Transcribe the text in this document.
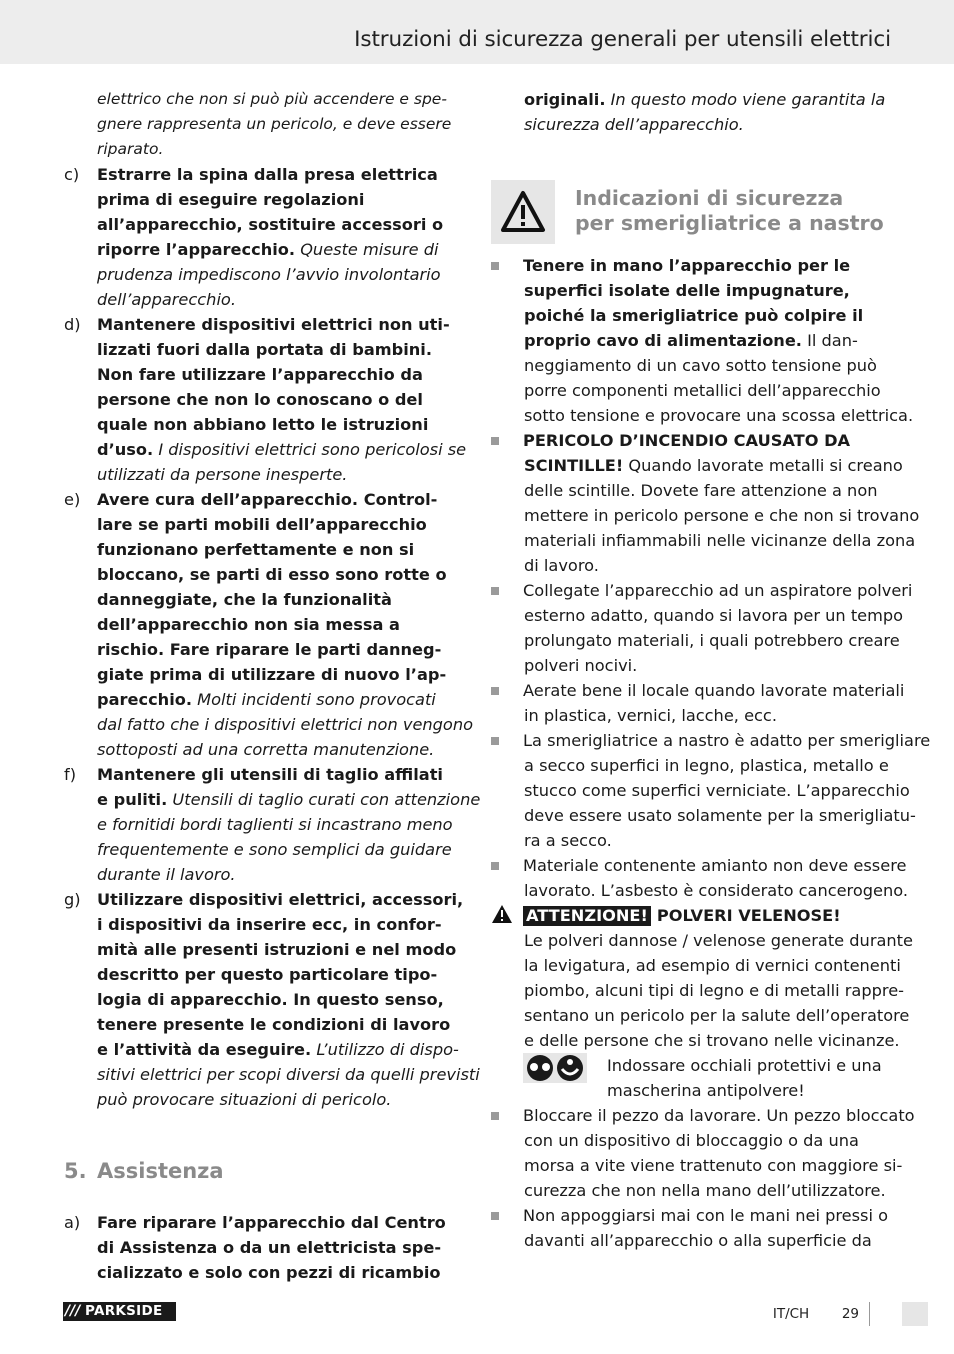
Istruzioni di sicurezza generali per utensili elettrici
elettrico che non si può più accendere e spe-
gnere rappresenta un pericolo, e deve essere
riparato.
c) Estrarre la spina dalla presa elettrica
prima di eseguire regolazioni
all’apparecchio, sostituire accessori o
riporre l’apparecchio. Queste misure di
prudenza impediscono l’avvio involontario
dell’apparecchio.
d) Mantenere dispositivi elettrici non uti-
lizzati fuori dalla portata di bambini.
Non fare utilizzare l’apparecchio da
persone che non lo conoscano o del
quale non abbiano letto le istruzioni
d’uso. I dispositivi elettrici sono pericolosi se
utilizzati da persone inesperte.
e) Avere cura dell’apparecchio. Control-
lare se parti mobili dell’apparecchio
funzionano perfettamente e non si
bloccano, se parti di esso sono rotte o
danneggiate, che la funzionalità
dell’apparecchio non sia messa a
rischio. Fare riparare le parti danneg-
giate prima di utilizzare di nuovo l’ap-
parecchio. Molti incidenti sono provocati
dal fatto che i dispositivi elettrici non vengono
sottoposti ad una corretta manutenzione.
f) Mantenere gli utensili di taglio affilati
e puliti. Utensili di taglio curati con attenzione
e fornitidi bordi taglienti si incastrano meno
frequentemente e sono semplici da guidare
durante il lavoro.
g) Utilizzare dispositivi elettrici, accessori,
i dispositivi da inserire ecc, in confor-
mità alle presenti istruzioni e nel modo
descritto per questo particolare tipo-
logia di apparecchio. In questo senso,
tenere presente le condizioni di lavoro
e l’attività da eseguire. L’utilizzo di dispo-
sitivi elettrici per scopi diversi da quelli previsti
può provocare situazioni di pericolo.
5. Assistenza
a) Fare riparare l’apparecchio dal Centro
di Assistenza o da un elettricista spe-
cializzato e solo con pezzi di ricambio
originali. In questo modo viene garantita la
sicurezza dell’apparecchio.
Indicazioni di sicurezza
per smerigliatrice a nastro
Tenere in mano l’apparecchio per le
superfici isolate delle impugnature,
poiché la smerigliatrice può colpire il
proprio cavo di alimentazione. Il dan-
neggiamento di un cavo sotto tensione può
porre componenti metallici dell’apparecchio
sotto tensione e provocare una scossa elettrica.
PERICOLO D’INCENDIO CAUSATO DA
SCINTILLE! Quando lavorate metalli si creano
delle scintille. Dovete fare attenzione a non
mettere in pericolo persone e che non si trovano
materiali infiammabili nelle vicinanze della zona
di lavoro.
Collegate l’apparecchio ad un aspiratore polveri
esterno adatto, quando si lavora per un tempo
prolungato materiali, i quali potrebbero creare
polveri nocivi.
Aerate bene il locale quando lavorate materiali
in plastica, vernici, lacche, ecc.
La smerigliatrice a nastro è adatto per smerigliare
a secco superfici in legno, plastica, metallo e
stucco come superfici verniciate. L’apparecchio
deve essere usato solamente per la smerigliatu-
ra a secco.
Materiale contenente amianto non deve essere
lavorato. L’asbesto è considerato cancerogeno.
ATTENZIONE! POLVERI VELENOSE!
Le polveri dannose / velenose generate durante
la levigatura, ad esempio di vernici contenenti
piombo, alcuni tipi di legno e di metalli rappre-
sentano un pericolo per la salute dell’operatore
e delle persone che si trovano nelle vicinanze.
Indossare occhiali protettivi e una
mascherina antipolvere!
Bloccare il pezzo da lavorare. Un pezzo bloccato
con un dispositivo di bloccaggio o da una
morsa a vite viene trattenuto con maggiore si-
curezza che non nella mano dell’utilizzatore.
Non appoggiarsi mai con le mani nei pressi o
davanti all’apparecchio o alla superficie da
/// PARKSIDE	IT/CH 29
